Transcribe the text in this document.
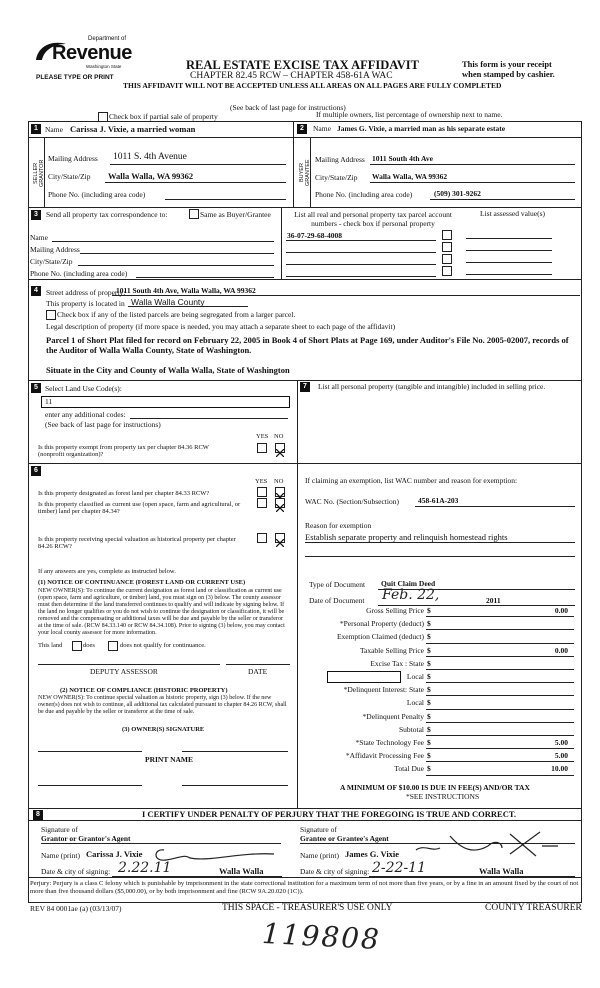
Department of
Revenue
Washington State
PLEASE TYPE OR PRINT
REAL ESTATE EXCISE TAX AFFIDAVIT
CHAPTER 82.45 RCW – CHAPTER 458-61A WAC
THIS AFFIDAVIT WILL NOT BE ACCEPTED UNLESS ALL AREAS ON ALL PAGES ARE FULLY COMPLETED
This form is your receipt
when stamped by cashier.
(See back of last page for instructions)
Check box if partial sale of property	If multiple owners, list percentage of ownership next to name.
1 Name Carissa J. Vixie, a married woman
SELLER GRANTOR
Mailing Address 1011 S. 4th Avenue
City/State/Zip Walla Walla, WA 99362
Phone No. (including area code)
2	Name James G. Vixie, a married man as his separate estate
BUYER GRANTEE
Mailing Address 1011 South 4th Ave
City/State/Zip Walla Walla, WA 99362
Phone No. (including area code)	(509) 301-9262
3	Send all property tax correspondence to:	Same as Buyer/Grantee	List all real and personal property tax parcel account numbers - check box if personal property
List assessed value(s)
36-07-29-68-4008
Name
Mailing Address
City/State/Zip
Phone No. (including area code)
4	Street address of property:
1011 South 4th Ave, Walla Walla, WA 99362
This property is located in Walla Walla County
Check box if any of the listed parcels are being segregated from a larger parcel.
Legal description of property (if more space is needed, you may attach a separate sheet to each page of the affidavit)
Parcel 1 of Short Plat filed for record on February 22, 2005 in Book 4 of Short Plats at Page 169, under Auditor's File No. 2005-02007, records of the Auditor of Walla Walla County, State of Washington.
Situate in the City and County of Walla Walla, State of Washington
5 Select Land Use Code(s):
11
enter any additional codes:
(See back of last page for instructions)
YES NO
Is this property exempt from property tax per chapter 84.36 RCW (nonprofit organization)?
6
YES NO
Is this property designated as forest land per chapter 84.33 RCW?
Is this property classified as current use (open space, farm and agricultural, or timber) land per chapter 84.34?
Is this property receiving special valuation as historical property per chapter 84.26 RCW?
If any answers are yes, complete as instructed below.
(1) NOTICE OF CONTINUANCE (FOREST LAND OR CURRENT USE)
NEW OWNER(S): To continue the current designation as forest land or classification as current use (open space, farm and agriculture, or timber) land, you must sign on (3) below. The county assessor must then determine if the land transferred continues to qualify and will indicate by signing below. If the land no longer qualifies or you do not wish to continue the designation or classification, it will be removed and the compensating or additional taxes will be due and payable by the seller or transferor at the time of sale. (RCW 84.33.140 or RCW 84.34.108). Prior to signing (3) below, you may contact your local county assessor for more information.
This land	does	does not qualify for continuance.
DEPUTY ASSESSOR	DATE
(2) NOTICE OF COMPLIANCE (HISTORIC PROPERTY)
NEW OWNER(S): To continue special valuation as historic property, sign (3) below. If the new owner(s) does not wish to continue, all additional tax calculated pursuant to chapter 84.26 RCW, shall be due and payable by the seller or transferor at the time of sale.
(3) OWNER(S) SIGNATURE
PRINT NAME
7	List all personal property (tangible and intangible) included in selling price.
If claiming an exemption, list WAC number and reason for exemption:
WAC No. (Section/Subsection)	458-61A-203
Reason for exemption
Establish separate property and relinquish homestead rights
Type of Document Quit Claim Deed
Date of Document Feb. 22,	2011
Gross Selling Price $	0.00
*Personal Property (deduct) $
Exemption Claimed (deduct) $
Taxable Selling Price $	0.00
Excise Tax : State $
Local $
*Delinquent Interest: State $
Local $
*Delinquent Penalty $
Subtotal $
*State Technology Fee $	5.00
*Affidavit Processing Fee $	5.00
Total Due $	10.00
A MINIMUM OF $10.00 IS DUE IN FEE(S) AND/OR TAX
*SEE INSTRUCTIONS
8	I CERTIFY UNDER PENALTY OF PERJURY THAT THE FOREGOING IS TRUE AND CORRECT.
Signature of
Grantor or Grantor's Agent
Name (print) Carissa J. Vixie
Date & city of signing: 2.22.11	Walla Walla
Signature of
Grantee or Grantee's Agent
Name (print) James G. Vixie
Date & city of signing: 2-22-11	Walla Walla
Perjury: Perjury is a class C felony which is punishable by imprisonment in the state correctional institution for a maximum term of not more than five years, or by a fine in an amount fixed by the court of not more than five thousand dollars ($5,000.00), or by both imprisonment and fine (RCW 9A.20.020 (1C)).
REV 84 0001ae (a) (03/13/07)	THIS SPACE - TREASURER'S USE ONLY	COUNTY TREASURER
119808
